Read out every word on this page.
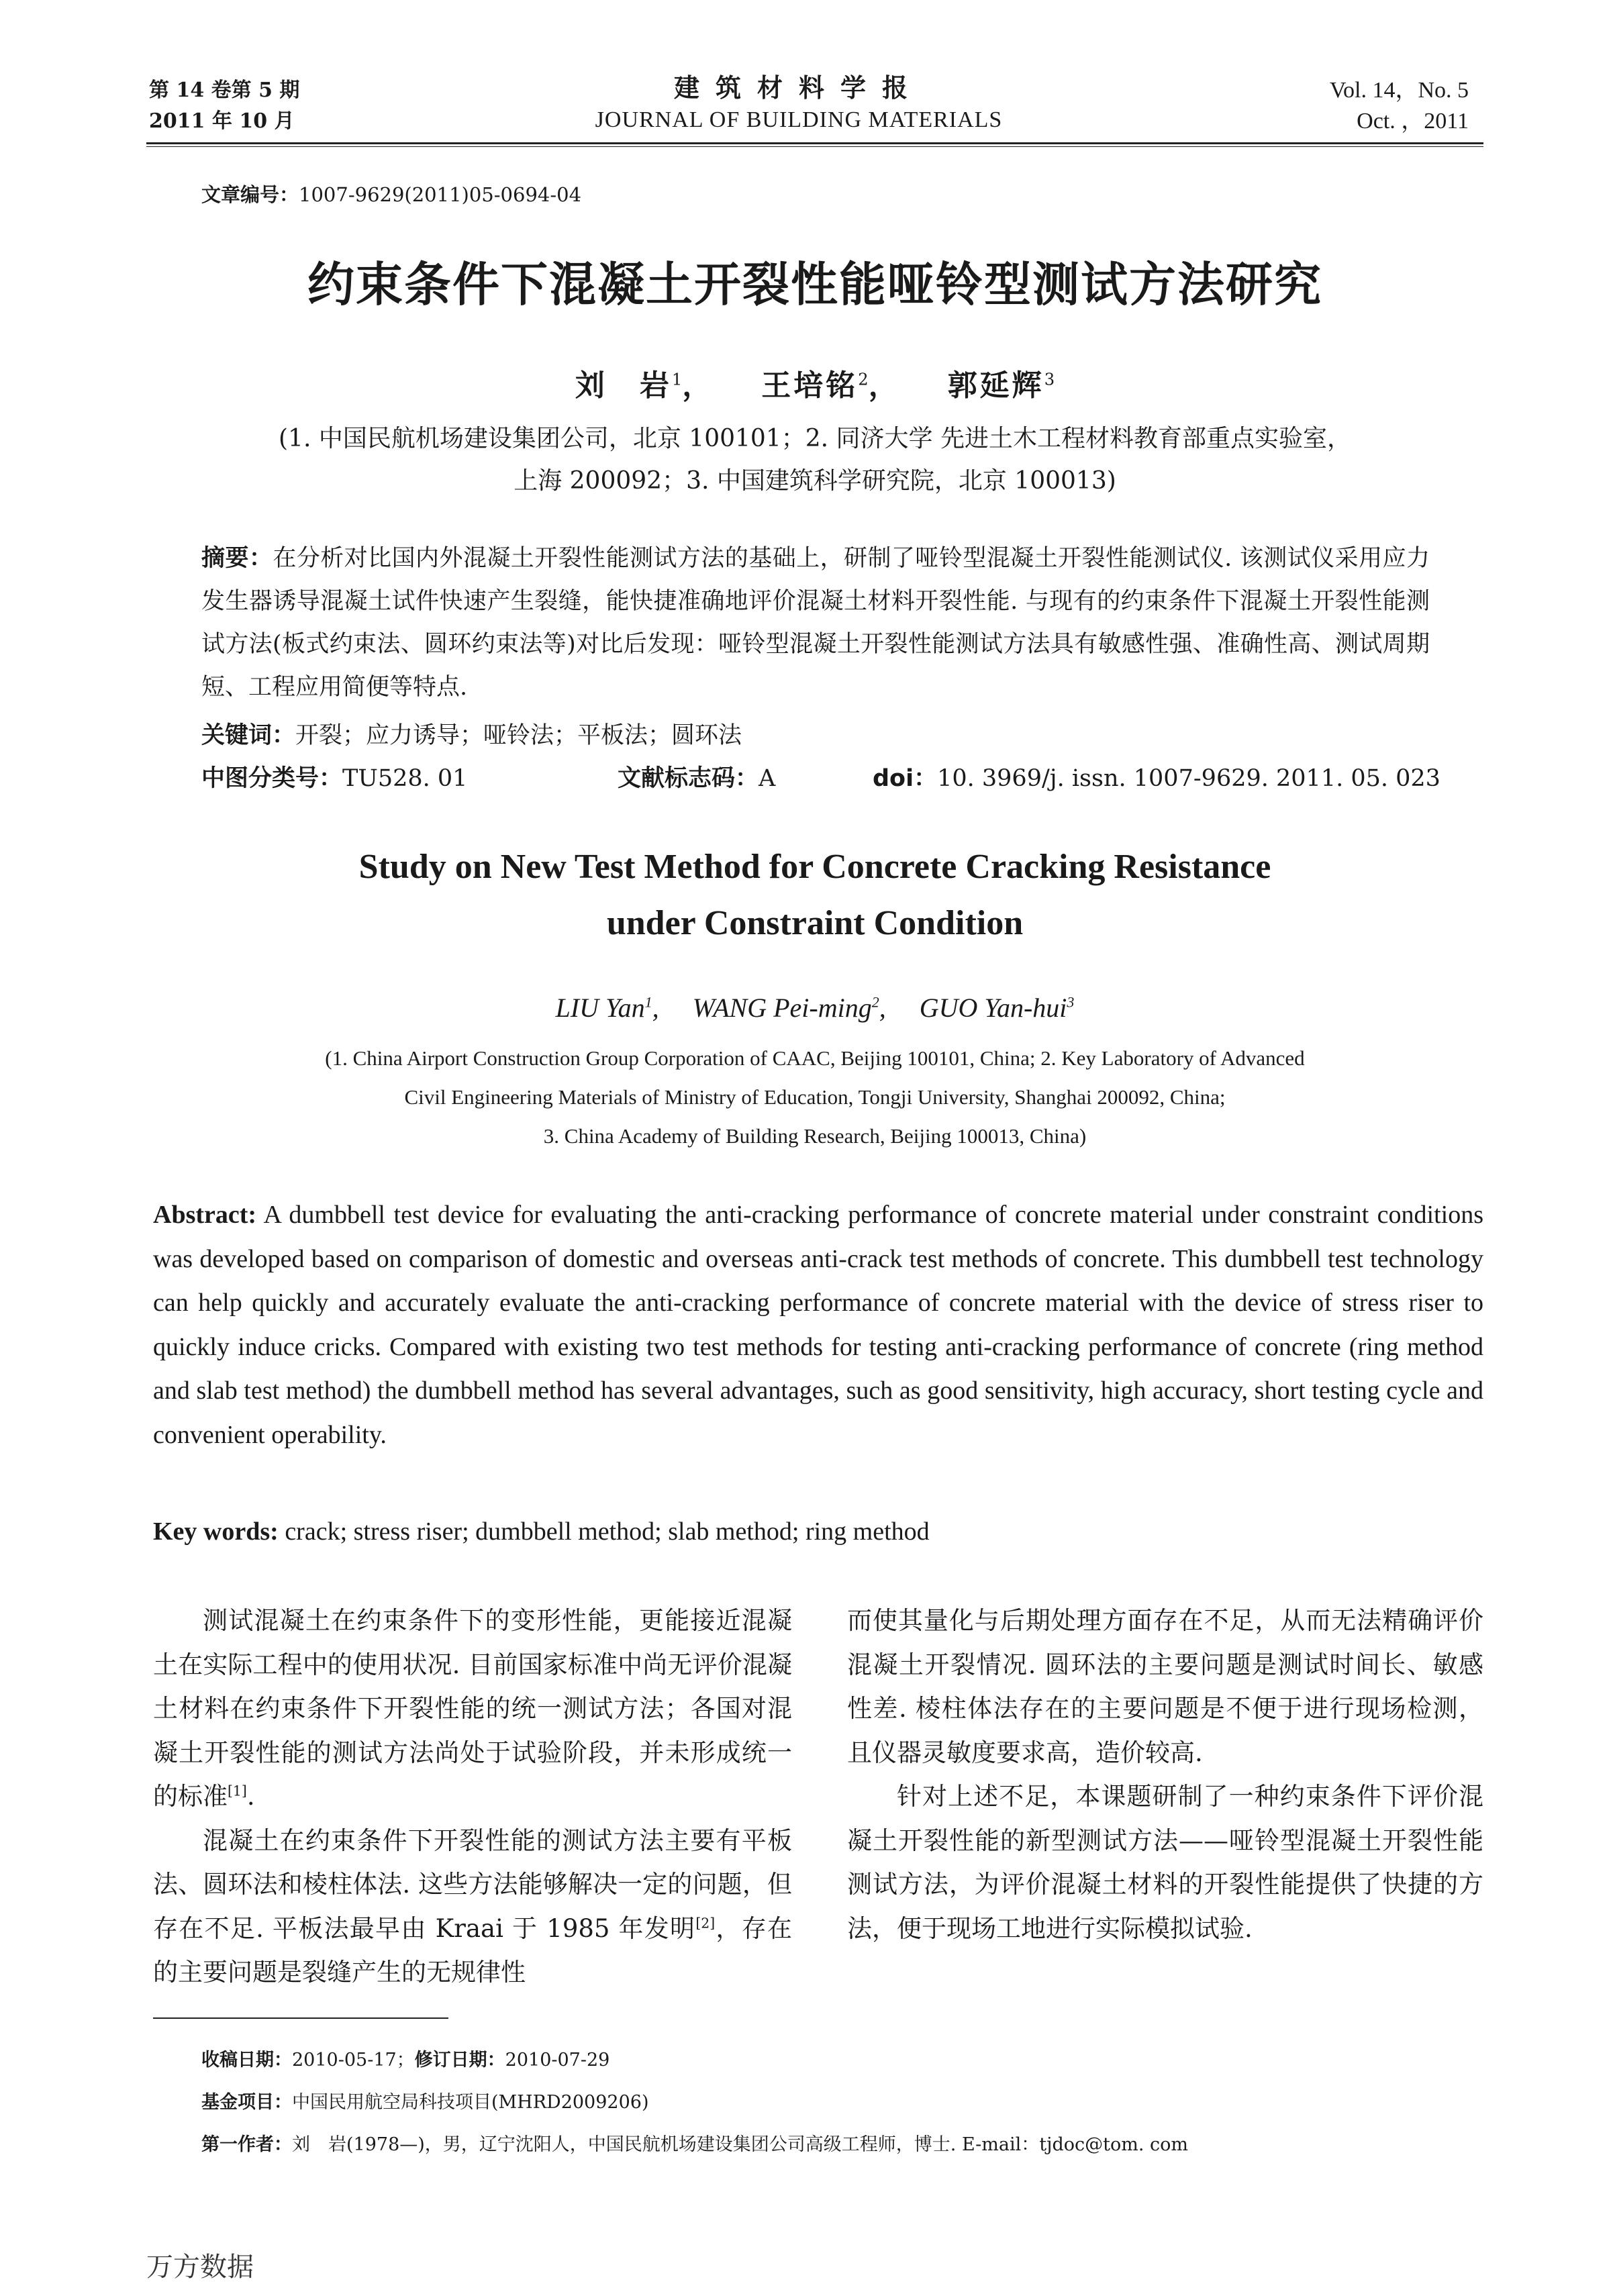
第 14 卷第 5 期
2011 年 10 月
建筑材料学报
JOURNAL OF BUILDING MATERIALS
Vol. 14，No. 5
Oct. ，2011
文章编号：1007-9629(2011)05-0694-04
约束条件下混凝土开裂性能哑铃型测试方法研究
刘　岩$^1$， 王培铭$^2$， 郭延辉$^3$
(1. 中国民航机场建设集团公司，北京 100101；2. 同济大学 先进土木工程材料教育部重点实验室，
上海 200092；3. 中国建筑科学研究院，北京 100013)
摘要：在分析对比国内外混凝土开裂性能测试方法的基础上，研制了哑铃型混凝土开裂性能测试仪. 该测试仪采用应力发生器诱导混凝土试件快速产生裂缝，能快捷准确地评价混凝土材料开裂性能. 与现有的约束条件下混凝土开裂性能测试方法(板式约束法、圆环约束法等)对比后发现：哑铃型混凝土开裂性能测试方法具有敏感性强、准确性高、测试周期短、工程应用简便等特点.
关键词：开裂；应力诱导；哑铃法；平板法；圆环法
中图分类号：TU528. 01	文献标志码：A	doi：10. 3969/j. issn. 1007-9629. 2011. 05. 023
Study on New Test Method for Concrete Cracking Resistance
under Constraint Condition
LIU Yan$^1$, WANG Pei-ming$^2$, GUO Yan-hui$^3$
(1. China Airport Construction Group Corporation of CAAC, Beijing 100101, China; 2. Key Laboratory of Advanced
Civil Engineering Materials of Ministry of Education, Tongji University, Shanghai 200092, China;
3. China Academy of Building Research, Beijing 100013, China)
Abstract: A dumbbell test device for evaluating the anti-cracking performance of concrete material under constraint conditions was developed based on comparison of domestic and overseas anti-crack test methods of concrete. This dumbbell test technology can help quickly and accurately evaluate the anti-cracking performance of concrete material with the device of stress riser to quickly induce cricks. Compared with existing two test methods for testing anti-cracking performance of concrete (ring method and slab test method) the dumbbell method has several advantages, such as good sensitivity, high accuracy, short testing cycle and convenient operability.
Key words: crack; stress riser; dumbbell method; slab method; ring method

测试混凝土在约束条件下的变形性能，更能接近混凝土在实际工程中的使用状况. 目前国家标准中尚无评价混凝土材料在约束条件下开裂性能的统一测试方法；各国对混凝土开裂性能的测试方法尚处于试验阶段，并未形成统一的标准[1].

混凝土在约束条件下开裂性能的测试方法主要有平板法、圆环法和棱柱体法. 这些方法能够解决一定的问题，但存在不足. 平板法最早由 Kraai 于 1985 年发明[2]，存在的主要问题是裂缝产生的无规律性

而使其量化与后期处理方面存在不足，从而无法精确评价混凝土开裂情况. 圆环法的主要问题是测试时间长、敏感性差. 棱柱体法存在的主要问题是不便于进行现场检测，且仪器灵敏度要求高，造价较高.

针对上述不足，本课题研制了一种约束条件下评价混凝土开裂性能的新型测试方法——哑铃型混凝土开裂性能测试方法，为评价混凝土材料的开裂性能提供了快捷的方法，便于现场工地进行实际模拟试验.

收稿日期：2010-05-17；修订日期：2010-07-29
基金项目：中国民用航空局科技项目(MHRD2009206)
第一作者：刘　岩(1978—)，男，辽宁沈阳人，中国民航机场建设集团公司高级工程师，博士. E-mail：tjdoc@tom. com
万方数据
